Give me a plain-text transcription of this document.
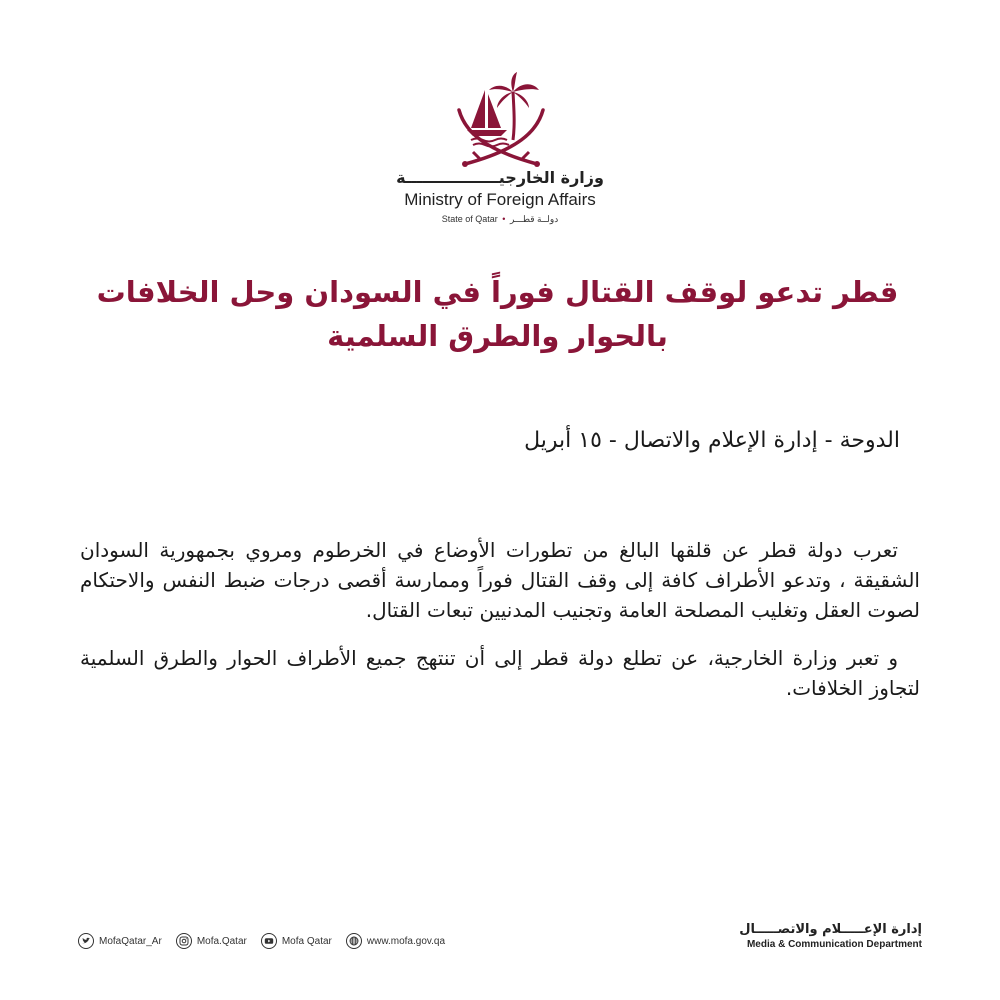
وزارة الخارجيـــــــــــــــــة
Ministry of Foreign Affairs
State of Qatar • دولــة قطـــر
قطر تدعو لوقف القتال فوراً في السودان وحل الخلافات بالحوار والطرق السلمية
الدوحة - إدارة الإعلام والاتصال - ١٥ أبريل

تعرب دولة قطر عن قلقها البالغ من تطورات الأوضاع في الخرطوم ومروي بجمهورية السودان الشقيقة ، وتدعو الأطراف كافة إلى وقف القتال فوراً وممارسة أقصى درجات ضبط النفس والاحتكام لصوت العقل وتغليب المصلحة العامة وتجنيب المدنيين تبعات القتال.

و تعبر وزارة الخارجية، عن تطلع دولة قطر إلى أن تنتهج جميع الأطراف الحوار والطرق السلمية لتجاوز الخلافات.

MofaQatar_Ar	Mofa.Qatar	Mofa Qatar	www.mofa.gov.qa
إدارة الإعـــــلام والاتصـــــال
Media & Communication Department
